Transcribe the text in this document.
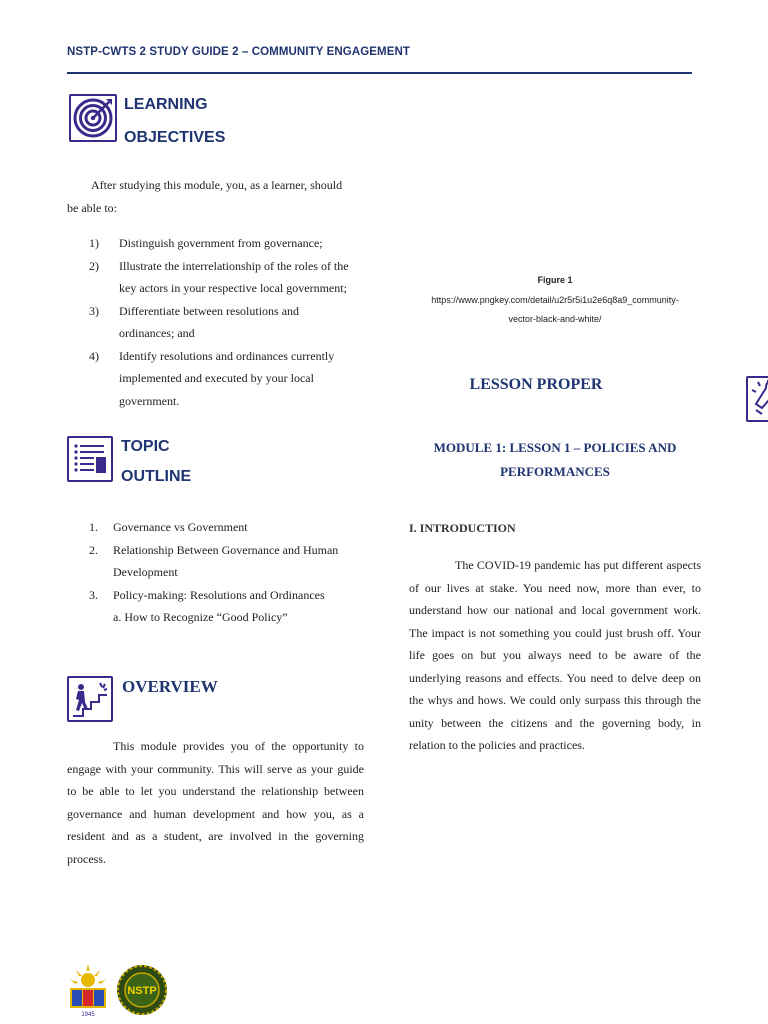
NSTP-CWTS 2 STUDY GUIDE 2 – COMMUNITY ENGAGEMENT
LEARNING
OBJECTIVES
After studying this module, you, as a learner, should
be able to:
1) Distinguish government from governance;
2) Illustrate the interrelationship of the roles of the
key actors in your respective local government;
3) Differentiate between resolutions and
ordinances; and
4) Identify resolutions and ordinances currently
implemented and executed by your local
government.
TOPIC
OUTLINE
1. Governance vs Government
2. Relationship Between Governance and Human
Development
3. Policy-making: Resolutions and Ordinances
a. How to Recognize “Good Policy”
OVERVIEW

This module provides you of the opportunity to engage with your community. This will serve as your guide to be able to let you understand the relationship between governance and human development and how you, as a resident and as a student, are involved in the governing process.

Figure 1
https://www.pngkey.com/detail/u2r5r5i1u2e6q8a9_community-
vector-black-and-white/
LESSON PROPER
MODULE 1: LESSON 1 – POLICIES AND
PERFORMANCES
I. INTRODUCTION

The COVID-19 pandemic has put different aspects of our lives at stake. You need now, more than ever, to understand how our national and local government work. The impact is not something you could just brush off. Your life goes on but you always need to be aware of the underlying reasons and effects. You need to delve deep on the whys and hows. We could only surpass this through the unity between the citizens and the governing body, in relation to the policies and practices.

1945
NSTP
